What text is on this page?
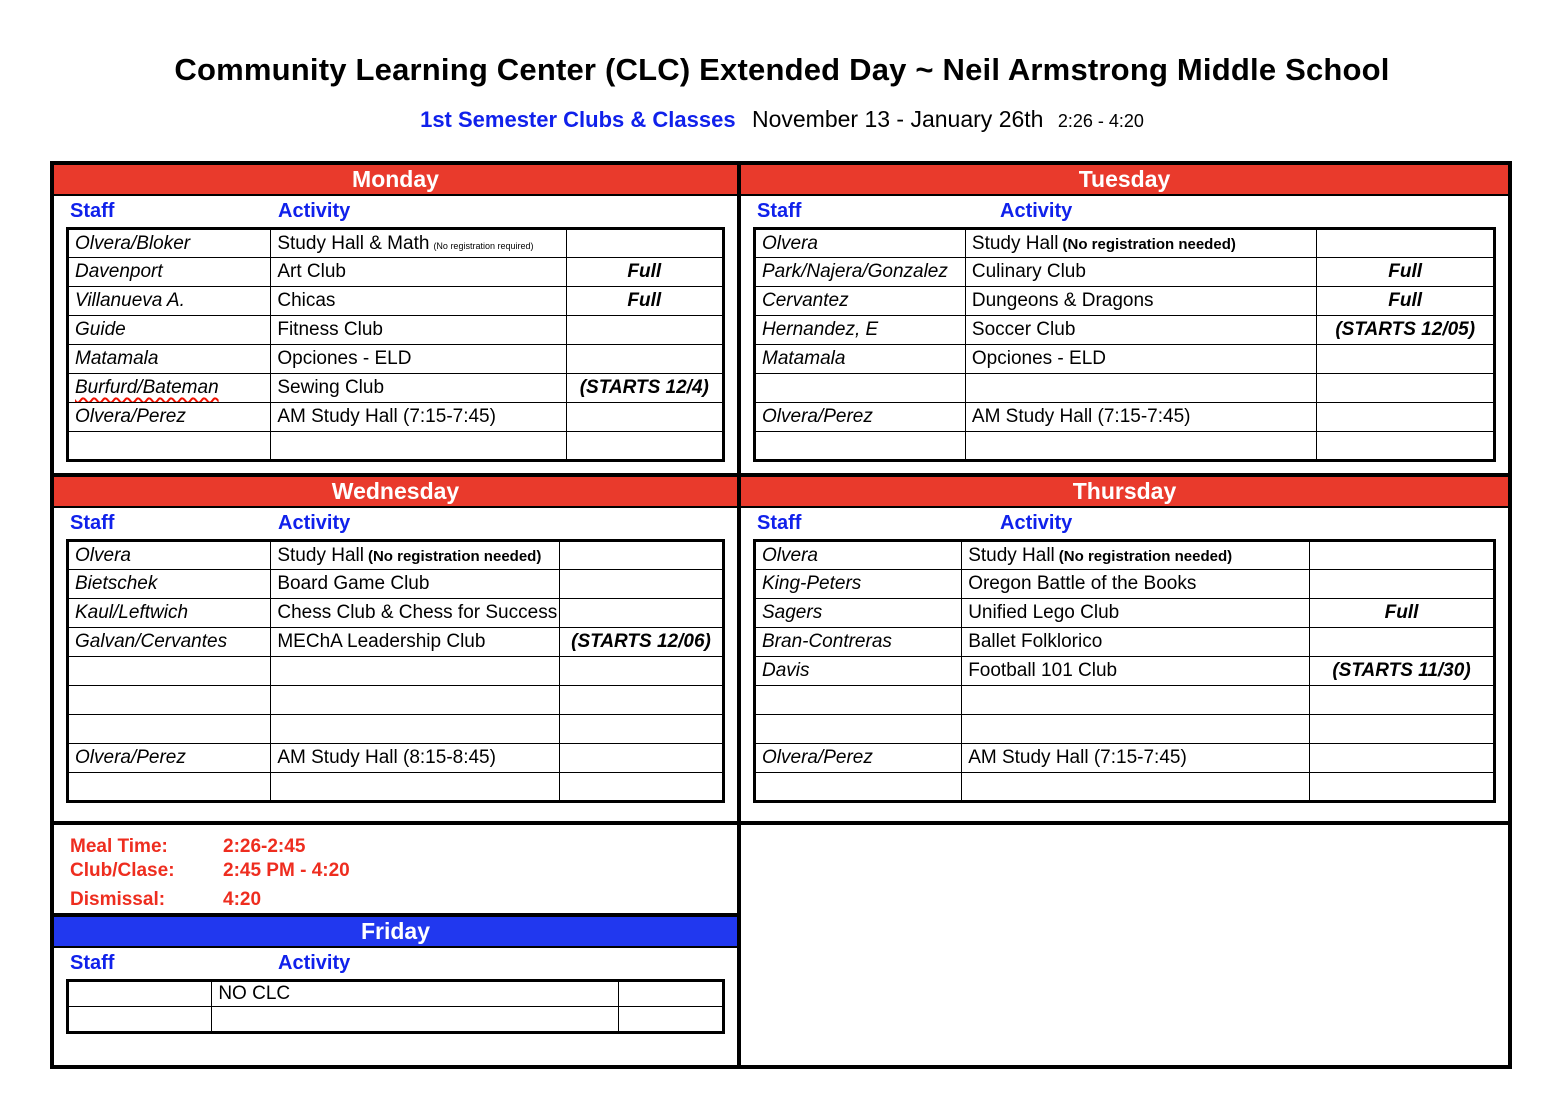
Community Learning Center (CLC) Extended Day ~ Neil Armstrong Middle School
1st Semester Clubs & Classes November 13 - January 26th 2:26 - 4:20
Monday
Staff	Activity
Olvera/Bloker	Study Hall & Math (No registration required)	
Davenport	Art Club	Full
Villanueva A.	Chicas	Full
Guide	Fitness Club	
Matamala	Opciones - ELD	
Burfurd/Bateman	Sewing Club	(STARTS 12/4)
Olvera/Perez	AM Study Hall (7:15-7:45)	

Wednesday
Staff	Activity
Olvera	Study Hall (No registration needed)	
Bietschek	Board Game Club	
Kaul/Leftwich	Chess Club & Chess for Success	
Galvan/Cervantes	MEChA Leadership Club	(STARTS 12/06)

Olvera/Perez	AM Study Hall (8:15-8:45)	

Meal Time:	2:26-2:45
Club/Clase:	2:45 PM - 4:20
Dismissal:	4:20
Friday
Staff	Activity
	NO CLC	

Tuesday
Staff	Activity
Olvera	Study Hall (No registration needed)	
Park/Najera/Gonzalez	Culinary Club	Full
Cervantez	Dungeons & Dragons	Full
Hernandez, E	Soccer Club	(STARTS 12/05)
Matamala	Opciones - ELD	

Olvera/Perez	AM Study Hall (7:15-7:45)	

Thursday
Staff	Activity
Olvera	Study Hall (No registration needed)	
King-Peters	Oregon Battle of the Books	
Sagers	Unified Lego Club	Full
Bran-Contreras	Ballet Folklorico	
Davis	Football 101 Club	(STARTS 11/30)

Olvera/Perez	AM Study Hall (7:15-7:45)	
